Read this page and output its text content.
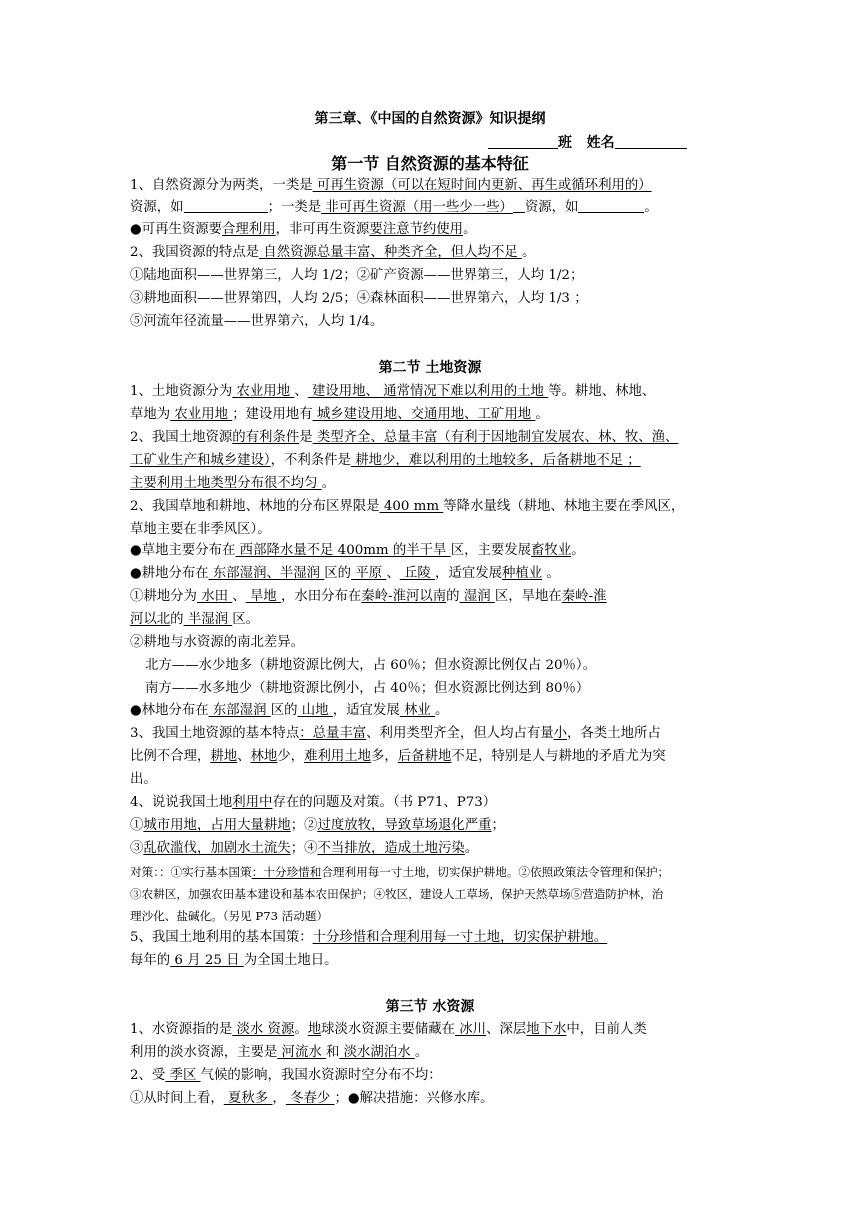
第三章、《中国的自然资源》知识提纲
班 姓名
第一节 自然资源的基本特征
1、自然资源分为两类，一类是 可再生资源（可以在短时间内更新、再生或循环利用的）
资源，如	；一类是 非可再生资源（用一些少一些） 资源，如	。
●可再生资源要合理利用，非可再生资源要注意节约使用。
2、我国资源的特点是 自然资源总量丰富、种类齐全，但人均不足 。
①陆地面积——世界第三，人均 1/2；②矿产资源——世界第三，人均 1/2；
③耕地面积——世界第四，人均 2/5；④森林面积——世界第六，人均 1/3 ；
⑤河流年径流量——世界第六，人均 1/4。
第二节 土地资源
1、土地资源分为 农业用地 、 建设用地、 通常情况下难以利用的土地 等。耕地、林地、
草地为 农业用地 ；建设用地有 城乡建设用地、交通用地、工矿用地 。
2、我国土地资源的有利条件是 类型齐全、总量丰富（有利于因地制宜发展农、林、牧、渔、
工矿业生产和城乡建设），不利条件是 耕地少，难以利用的土地较多，后备耕地不足 ；
主要利用土地类型分布很不均匀 。
2、我国草地和耕地、林地的分布区界限是 400 mm 等降水量线（耕地、林地主要在季风区，
草地主要在非季风区）。
●草地主要分布在 西部降水量不足 400mm 的半干旱 区，主要发展畜牧业。
●耕地分布在 东部湿润、半湿润 区的 平原 、 丘陵 ，适宜发展种植业 。
①耕地分为 水田 、 旱地 ，水田分布在秦岭-淮河以南的 湿润 区，旱地在秦岭-淮
河以北的 半湿润 区。
②耕地与水资源的南北差异。
北方——水少地多（耕地资源比例大，占 60％；但水资源比例仅占 20％）。
南方——水多地少（耕地资源比例小，占 40％；但水资源比例达到 80％）
●林地分布在 东部湿润 区的 山地 ，适宜发展 林业 。
3、我国土地资源的基本特点：总量丰富、利用类型齐全，但人均占有量小，各类土地所占
比例不合理，耕地、林地少，难利用土地多，后备耕地不足，特别是人与耕地的矛盾尤为突
出。
4、说说我国土地利用中存在的问题及对策。（书 P71、P73）
①城市用地，占用大量耕地；②过度放牧，导致草场退化严重；
③乱砍滥伐，加剧水土流失；④不当排放，造成土地污染。
对策：：①实行基本国策：十分珍惜和合理利用每一寸土地，切实保护耕地。②依照政策法令管理和保护；
③农耕区，加强农田基本建设和基本农田保护；④牧区，建设人工草场，保护天然草场⑤营造防护林，治
理沙化、盐碱化。（另见 P73 活动题）
5、我国土地利用的基本国策：十分珍惜和合理利用每一寸土地，切实保护耕地。
每年的 6 月 25 日 为全国土地日。
第三节 水资源
1、水资源指的是 淡水 资源。地球淡水资源主要储藏在 冰川、深层地下水中，目前人类
利用的淡水资源，主要是 河流水 和 淡水湖泊水 。
2、受 季区 气候的影响，我国水资源时空分布不均：
①从时间上看， 夏秋多 ， 冬春少 ；●解决措施：兴修水库。
